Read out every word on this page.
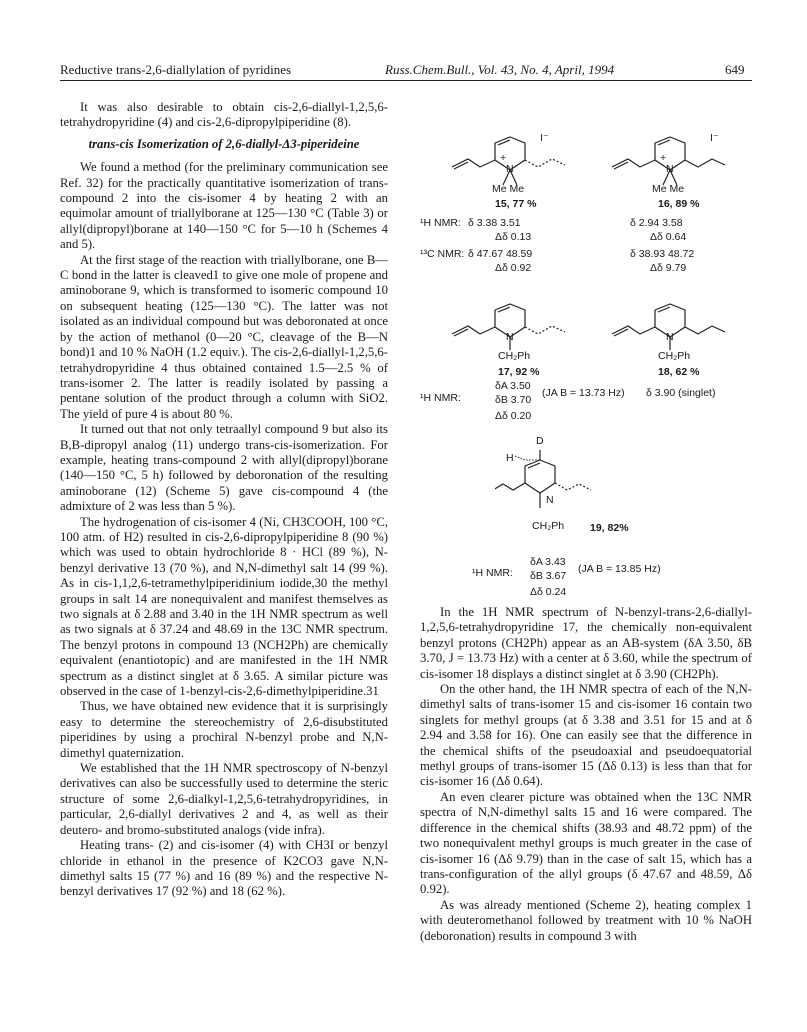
Reductive trans-2,6-diallylation of pyridines	Russ.Chem.Bull., Vol. 43, No. 4, April, 1994	649

It was also desirable to obtain cis-2,6-diallyl-1,2,5,6-tetrahydropyridine (4) and cis-2,6-dipropylpiperidine (8).

trans-cis Isomerization of 2,6-diallyl-Δ3-piperideine

We found a method (for the preliminary communication see Ref. 32) for the practically quantitative isomerization of trans-compound 2 into the cis-isomer 4 by heating 2 with an equimolar amount of triallylborane at 125—130 °C (Table 3) or allyl(dipropyl)borane at 140—150 °C for 5—10 h (Schemes 4 and 5).

At the first stage of the reaction with triallylborane, one B—C bond in the latter is cleaved1 to give one mole of propene and aminoborane 9, which is transformed to isomeric compound 10 on subsequent heating (125—130 °C). The latter was not isolated as an individual compound but was deboronated at once by the action of methanol (0—20 °C, cleavage of the B—N bond)1 and 10 % NaOH (1.2 equiv.). The cis-2,6-diallyl-1,2,5,6-tetrahydropyridine 4 thus obtained contained 1.5—2.5 % of trans-isomer 2. The latter is readily isolated by passing a pentane solution of the product through a column with SiO2. The yield of pure 4 is about 80 %.

It turned out that not only tetraallyl compound 9 but also its B,B-dipropyl analog (11) undergo trans-cis-isomerization. For example, heating trans-compound 2 with allyl(dipropyl)borane (140—150 °C, 5 h) followed by deboronation of the resulting aminoborane (12) (Scheme 5) gave cis-compound 4 (the admixture of 2 was less than 5 %).

The hydrogenation of cis-isomer 4 (Ni, CH3COOH, 100 °C, 100 atm. of H2) resulted in cis-2,6-dipropylpiperidine 8 (90 %) which was used to obtain hydrochloride 8 · HCl (89 %), N-benzyl derivative 13 (70 %), and N,N-dimethyl salt 14 (99 %). As in cis-1,1,2,6-tetramethylpiperidinium iodide,30 the methyl groups in salt 14 are nonequivalent and manifest themselves as two signals at δ 2.88 and 3.40 in the 1H NMR spectrum as well as two signals at δ 37.24 and 48.69 in the 13C NMR spectrum. The benzyl protons in compound 13 (NCH2Ph) are chemically equivalent (enantiotopic) and are manifested in the 1H NMR spectrum as a distinct singlet at δ 3.65. A similar picture was observed in the case of 1-benzyl-cis-2,6-dimethylpiperidine.31

Thus, we have obtained new evidence that it is surprisingly easy to determine the stereochemistry of 2,6-disubstituted piperidines by using a prochiral N-benzyl probe and N,N-dimethyl quaternization.

We established that the 1H NMR spectroscopy of N-benzyl derivatives can also be successfully used to determine the steric structure of some 2,6-dialkyl-1,2,5,6-tetrahydropyridines, in particular, 2,6-diallyl derivatives 2 and 4, as well as their deutero- and bromo-substituted analogs (vide infra).

Heating trans- (2) and cis-isomer (4) with CH3I or benzyl chloride in ethanol in the presence of K2CO3 gave N,N-dimethyl salts 15 (77 %) and 16 (89 %) and the respective N-benzyl derivatives 17 (92 %) and 18 (62 %).

+
N
I⁻
Me Me
15, 77 %
+
N
I⁻
Me Me
16, 89 %
¹H NMR: δ 3.38 3.51
Δδ 0.13
¹³C NMR: δ 47.67 48.59
Δδ 0.92
δ 2.94 3.58
Δδ 0.64
δ 38.93 48.72
Δδ 9.79
N
CH₂Ph
17, 92 %
N
CH₂Ph
18, 62 %
¹H NMR:
δA 3.50
δB 3.70
(JA B = 13.73 Hz) δ 3.90 (singlet)
Δδ 0.20
D
H
N
CH₂Ph 19, 82%
¹H NMR:
δA 3.43
δB 3.67
(JA B = 13.85 Hz)
Δδ 0.24

In the 1H NMR spectrum of N-benzyl-trans-2,6-diallyl-1,2,5,6-tetrahydropyridine 17, the chemically non-equivalent benzyl protons (CH2Ph) appear as an AB-system (δA 3.50, δB 3.70, J = 13.73 Hz) with a center at δ 3.60, while the spectrum of cis-isomer 18 displays a distinct singlet at δ 3.90 (CH2Ph).

On the other hand, the 1H NMR spectra of each of the N,N-dimethyl salts of trans-isomer 15 and cis-isomer 16 contain two singlets for methyl groups (at δ 3.38 and 3.51 for 15 and at δ 2.94 and 3.58 for 16). One can easily see that the difference in the chemical shifts of the pseudoaxial and pseudoequatorial methyl groups of trans-isomer 15 (Δδ 0.13) is less than that for cis-isomer 16 (Δδ 0.64).

An even clearer picture was obtained when the 13C NMR spectra of N,N-dimethyl salts 15 and 16 were compared. The difference in the chemical shifts (38.93 and 48.72 ppm) of the two nonequivalent methyl groups is much greater in the case of cis-isomer 16 (Δδ 9.79) than in the case of salt 15, which has a trans-configuration of the allyl groups (δ 47.67 and 48.59, Δδ 0.92).

As was already mentioned (Scheme 2), heating complex 1 with deuteromethanol followed by treatment with 10 % NaOH (deboronation) results in compound 3 with
